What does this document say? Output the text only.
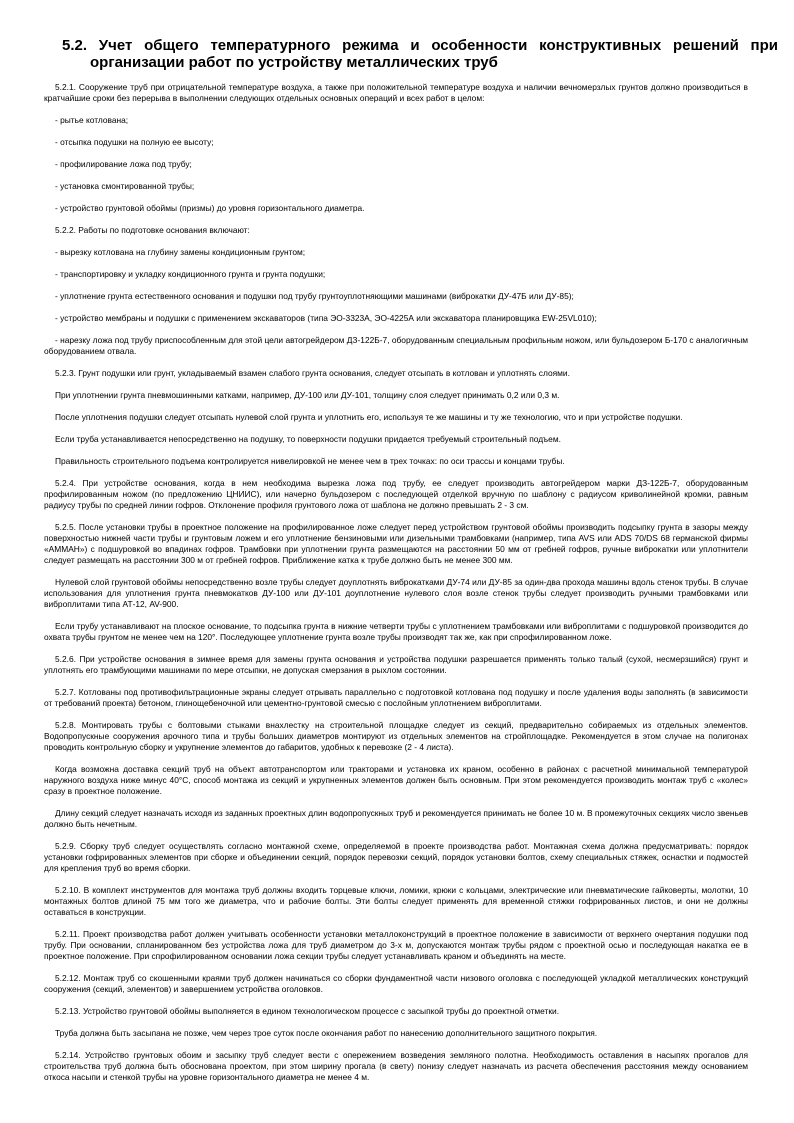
5.2. Учет общего температурного режима и особенности конструктивных решений при организации работ по устройству металлических труб

5.2.1. Сооружение труб при отрицательной температуре воздуха, а также при положительной температуре воздуха и наличии вечномерзлых грунтов должно производиться в кратчайшие сроки без перерыва в выполнении следующих отдельных основных операций и всех работ в целом:

- рытье котлована;

- отсыпка подушки на полную ее высоту;

- профилирование ложа под трубу;

- установка смонтированной трубы;

- устройство грунтовой обоймы (призмы) до уровня горизонтального диаметра.

5.2.2. Работы по подготовке основания включают:

- вырезку котлована на глубину замены кондиционным грунтом;

- транспортировку и укладку кондиционного грунта и грунта подушки;

- уплотнение грунта естественного основания и подушки под трубу грунтоуплотняющими машинами (виброкатки ДУ-47Б или ДУ-85);

- устройство мембраны и подушки с применением экскаваторов (типа ЭО-3323А, ЭО-4225А или экскаватора планировщика EW-25VL010);

- нарезку ложа под трубу приспособленным для этой цели автогрейдером ДЗ-122Б-7, оборудованным специальным профильным ножом, или бульдозером Б-170 с аналогичным оборудованием отвала.

5.2.3. Грунт подушки или грунт, укладываемый взамен слабого грунта основания, следует отсыпать в котлован и уплотнять слоями.

При уплотнении грунта пневмошинными катками, например, ДУ-100 или ДУ-101, толщину слоя следует принимать 0,2 или 0,3 м.

После уплотнения подушки следует отсыпать нулевой слой грунта и уплотнить его, используя те же машины и ту же технологию, что и при устройстве подушки.

Если труба устанавливается непосредственно на подушку, то поверхности подушки придается требуемый строительный подъем.

Правильность строительного подъема контролируется нивелировкой не менее чем в трех точках: по оси трассы и концами трубы.

5.2.4. При устройстве основания, когда в нем необходима вырезка ложа под трубу, ее следует производить автогрейдером марки ДЗ-122Б-7, оборудованным профилированным ножом (по предложению ЦНИИС), или начерно бульдозером с последующей отделкой вручную по шаблону с радиусом криволинейной кромки, равным радиусу трубы по средней линии гофров. Отклонение профиля грунтового ложа от шаблона не должно превышать 2 - 3 см.

5.2.5. После установки трубы в проектное положение на профилированное ложе следует перед устройством грунтовой обоймы производить подсыпку грунта в зазоры между поверхностью нижней части трубы и грунтовым ложем и его уплотнение бензиновыми или дизельными трамбовками (например, типа AVS или ADS 70/DS 68 германской фирмы «АММАН») с подшуровкой во впадинах гофров. Трамбовки при уплотнении грунта размещаются на расстоянии 50 мм от гребней гофров, ручные виброкатки или уплотнители следует размещать на расстоянии 300 м от гребней гофров. Приближение катка к трубе должно быть не менее 300 мм.

Нулевой слой грунтовой обоймы непосредственно возле трубы следует доуплотнять виброкатками ДУ-74 или ДУ-85 за один-два прохода машины вдоль стенок трубы. В случае использования для уплотнения грунта пневмокатков ДУ-100 или ДУ-101 доуплотнение нулевого слоя возле стенок трубы следует производить ручными трамбовками или виброплитами типа АТ-12, AV-900.

Если трубу устанавливают на плоское основание, то подсыпка грунта в нижние четверти трубы с уплотнением трамбовками или виброплитами с подшуровкой производится до охвата трубы грунтом не менее чем на 120°. Последующее уплотнение грунта возле трубы производят так же, как при спрофилированном ложе.

5.2.6. При устройстве основания в зимнее время для замены грунта основания и устройства подушки разрешается применять только талый (сухой, несмерзшийся) грунт и уплотнять его трамбующими машинами по мере отсыпки, не допуская смерзания в рыхлом состоянии.

5.2.7. Котлованы под противофильтрационные экраны следует отрывать параллельно с подготовкой котлована под подушку и после удаления воды заполнять (в зависимости от требований проекта) бетоном, глинощебеночной или цементно-грунтовой смесью с послойным уплотнением виброплитами.

5.2.8. Монтировать трубы с болтовыми стыками внахлестку на строительной площадке следует из секций, предварительно собираемых из отдельных элементов. Водопропускные сооружения арочного типа и трубы больших диаметров монтируют из отдельных элементов на стройплощадке. Рекомендуется в этом случае на полигонах проводить контрольную сборку и укрупнение элементов до габаритов, удобных к перевозке (2 - 4 листа).

Когда возможна доставка секций труб на объект автотранспортом или тракторами и установка их краном, особенно в районах с расчетной минимальной температурой наружного воздуха ниже минус 40°С, способ монтажа из секций и укрупненных элементов должен быть основным. При этом рекомендуется производить монтаж труб с «колес» сразу в проектное положение.

Длину секций следует назначать исходя из заданных проектных длин водопропускных труб и рекомендуется принимать не более 10 м. В промежуточных секциях число звеньев должно быть нечетным.

5.2.9. Сборку труб следует осуществлять согласно монтажной схеме, определяемой в проекте производства работ. Монтажная схема должна предусматривать: порядок установки гофрированных элементов при сборке и объединении секций, порядок перевозки секций, порядок установки болтов, схему специальных стяжек, оснастки и подмостей для крепления труб во время сборки.

5.2.10. В комплект инструментов для монтажа труб должны входить торцевые ключи, ломики, крюки с кольцами, электрические или пневматические гайковерты, молотки, 10 монтажных болтов длиной 75 мм того же диаметра, что и рабочие болты. Эти болты следует применять для временной стяжки гофрированных листов, и они не должны оставаться в конструкции.

5.2.11. Проект производства работ должен учитывать особенности установки металлоконструкций в проектное положение в зависимости от верхнего очертания подушки под трубу. При основании, спланированном без устройства ложа для труб диаметром до 3-х м, допускаются монтаж трубы рядом с проектной осью и последующая накатка ее в проектное положение. При спрофилированном основании ложа секции трубы следует устанавливать краном и объединять на месте.

5.2.12. Монтаж труб со скошенными краями труб должен начинаться со сборки фундаментной части низового оголовка с последующей укладкой металлических конструкций сооружения (секций, элементов) и завершением устройства оголовков.

5.2.13. Устройство грунтовой обоймы выполняется в едином технологическом процессе с засыпкой трубы до проектной отметки.

Труба должна быть засыпана не позже, чем через трое суток после окончания работ по нанесению дополнительного защитного покрытия.

5.2.14. Устройство грунтовых обоим и засыпку труб следует вести с опережением возведения земляного полотна. Необходимость оставления в насыпях прогалов для строительства труб должна быть обоснована проектом, при этом ширину прогала (в свету) понизу следует назначать из расчета обеспечения расстояния между основанием откоса насыпи и стенкой трубы на уровне горизонтального диаметра не менее 4 м.
